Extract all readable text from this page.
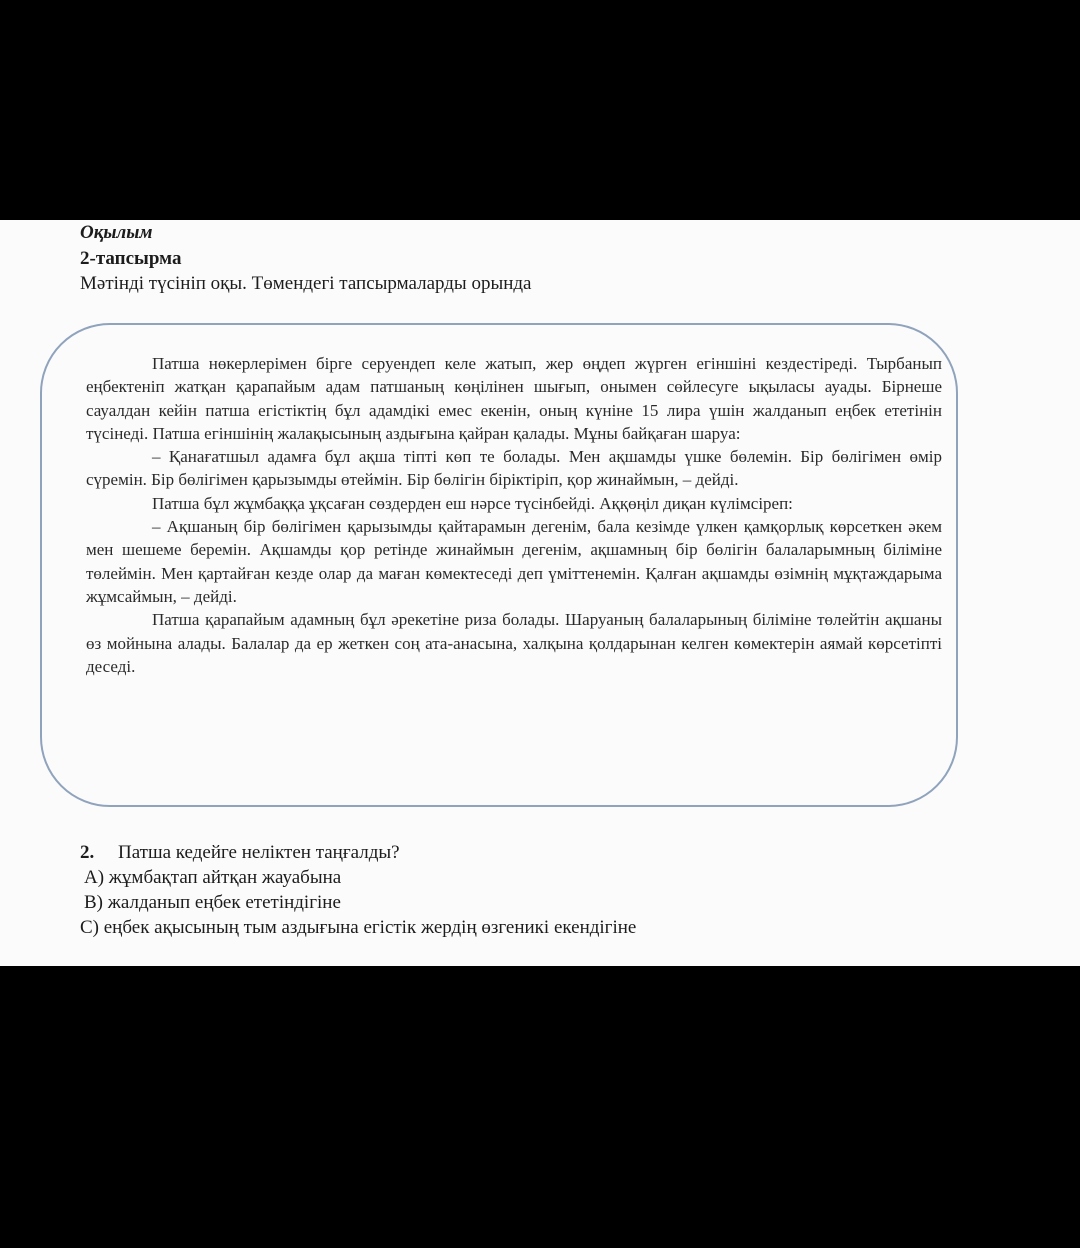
Оқылым
2-тапсырма
Мәтінді түсініп оқы. Төмендегі тапсырмаларды орында

Патша нөкерлерімен бірге серуендеп келе жатып, жер өңдеп жүрген егіншіні кездестіреді. Тырбанып еңбектеніп жатқан қарапайым адам патшаның көңілінен шығып, онымен сөйлесуге ықыласы ауады. Бірнеше сауалдан кейін патша егістіктің бұл адамдікі емес екенін, оның күніне 15 лира үшін жалданып еңбек ететінін түсінеді. Патша егіншінің жалақысының аздығына қайран қалады. Мұны байқаған шаруа:

– Қанағатшыл адамға бұл ақша тіпті көп те болады. Мен ақшамды үшке бөлемін. Бір бөлігімен өмір сүремін. Бір бөлігімен қарызымды өтеймін. Бір бөлігін біріктіріп, қор жинаймын, – дейді.

Патша бұл жұмбаққа ұқсаған сөздерден еш нәрсе түсінбейді. Аққөңіл диқан күлімсіреп:

– Ақшаның бір бөлігімен қарызымды қайтарамын дегенім, бала кезімде үлкен қамқорлық көрсеткен әкем мен шешеме беремін. Ақшамды қор ретінде жинаймын дегенім, ақшамның бір бөлігін балаларымның біліміне төлеймін. Мен қартайған кезде олар да маған көмектеседі деп үміттенемін. Қалған ақшамды өзімнің мұқтаждарыма жұмсаймын, – дейді.

Патша қарапайым адамның бұл әрекетіне риза болады. Шаруаның балаларының біліміне төлейтін ақшаны өз мойнына алады. Балалар да ер жеткен соң ата-анасына, халқына қолдарынан келген көмектерін аямай көрсетіпті деседі.

2. Патша кедейге неліктен таңғалды?
A) жұмбақтап айтқан жауабына
B) жалданып еңбек ететіндігіне
C) еңбек ақысының тым аздығына егістік жердің өзгеникі екендігіне
